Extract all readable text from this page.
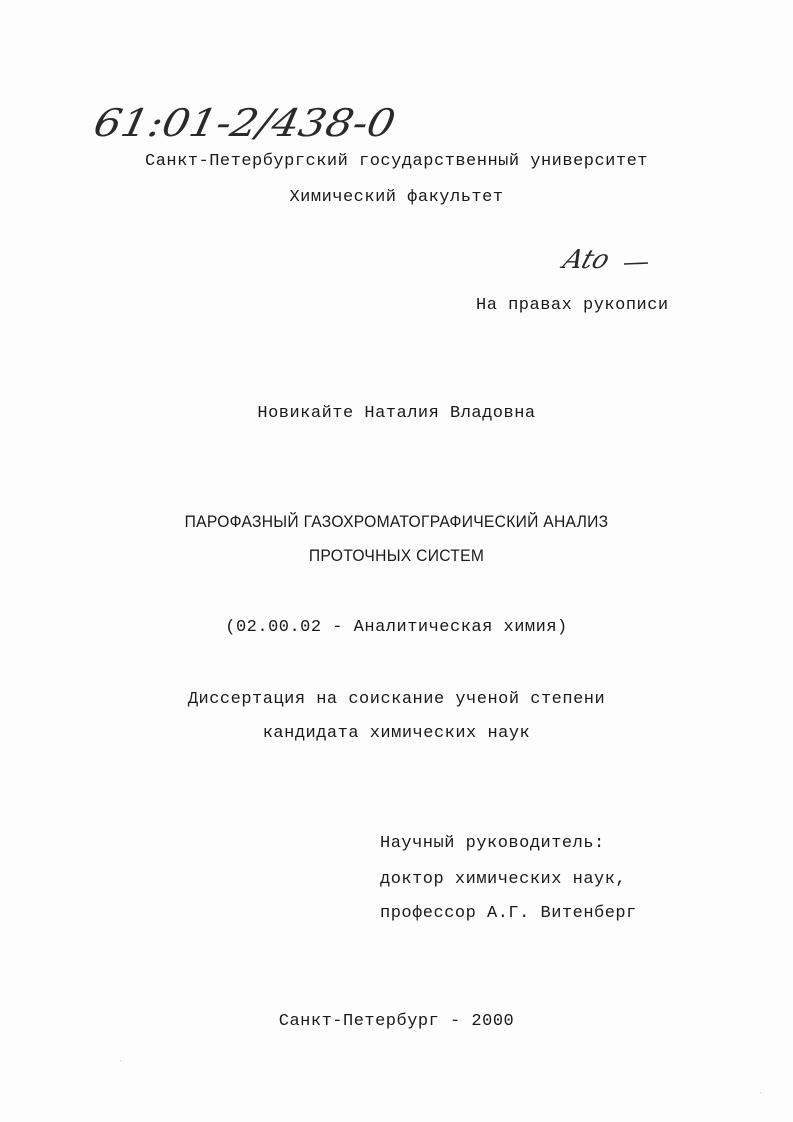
61:01-2/438-0
Санкт-Петербургский государственный университет
Химический факультет
Ato
На правах рукописи
Новикайте Наталия Владовна
ПАРОФАЗНЫЙ ГАЗОХРОМАТОГРАФИЧЕСКИЙ АНАЛИЗ
ПРОТОЧНЫХ СИСТЕМ
(02.00.02 - Аналитическая химия)
Диссертация на соискание ученой степени
кандидата химических наук
Научный руководитель:
доктор химических наук,
профессор А.Г. Витенберг
Санкт-Петербург - 2000
